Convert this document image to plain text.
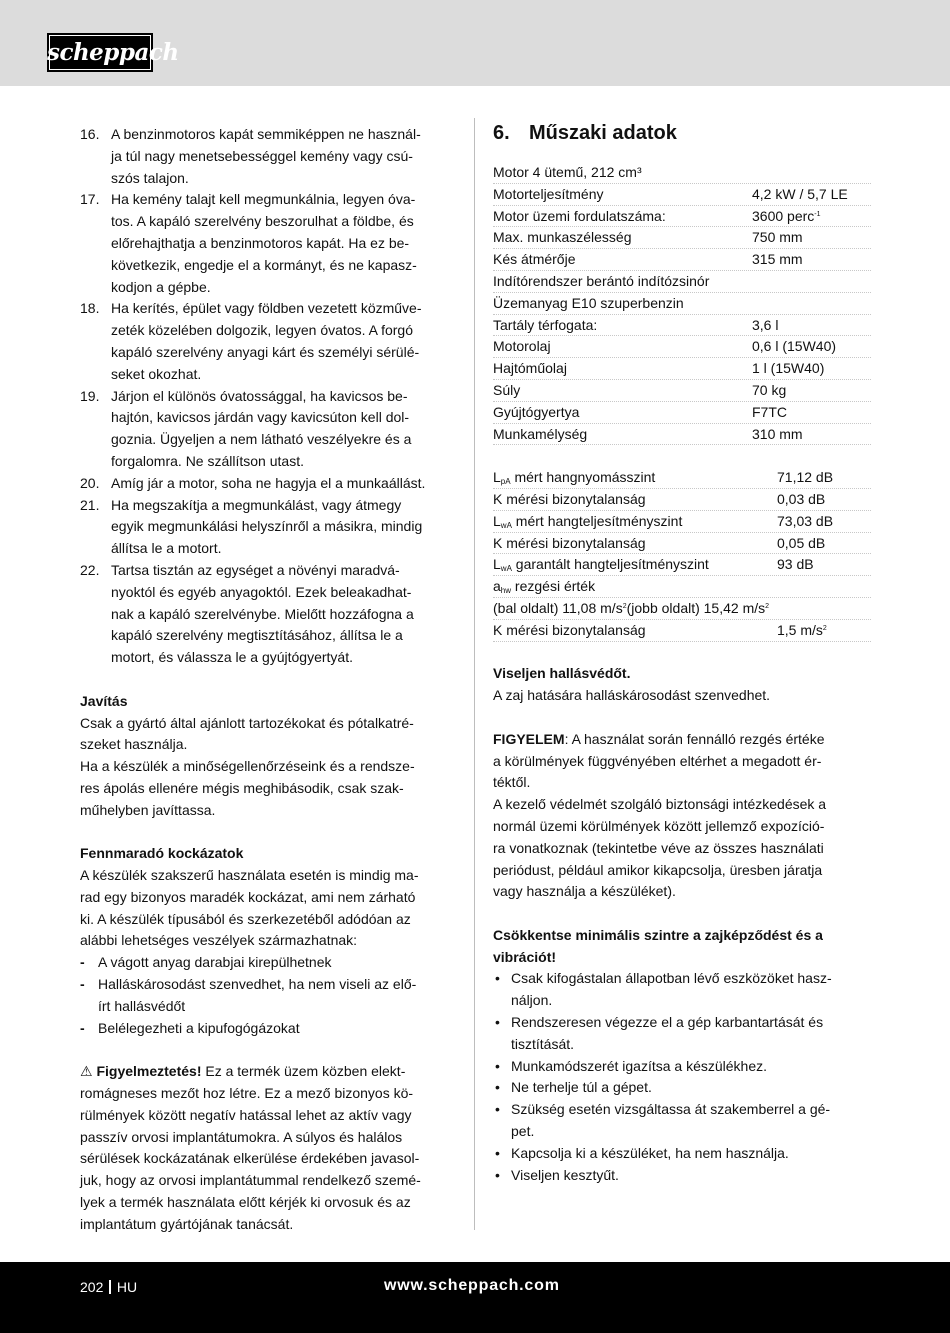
scheppach
16. A benzinmotoros kapát semmiképpen ne használ-
ja túl nagy menetsebességgel kemény vagy csú-
szós talajon.
17. Ha kemény talajt kell megmunkálnia, legyen óva-
tos. A kapáló szerelvény beszorulhat a földbe, és
előrehajthatja a benzinmotoros kapát. Ha ez be-
következik, engedje el a kormányt, és ne kapasz-
kodjon a gépbe.
18. Ha kerítés, épület vagy földben vezetett közműve-
zeték közelében dolgozik, legyen óvatos. A forgó
kapáló szerelvény anyagi kárt és személyi sérülé-
seket okozhat.
19. Járjon el különös óvatossággal, ha kavicsos be-
hajtón, kavicsos járdán vagy kavicsúton kell dol-
goznia. Ügyeljen a nem látható veszélyekre és a
forgalomra. Ne szállítson utast.
20. Amíg jár a motor, soha ne hagyja el a munkaállást.
21. Ha megszakítja a megmunkálást, vagy átmegy
egyik megmunkálási helyszínről a másikra, mindig
állítsa le a motort.
22. Tartsa tisztán az egységet a növényi maradvá-
nyoktól és egyéb anyagoktól. Ezek beleakadhat-
nak a kapáló szerelvénybe. Mielőtt hozzáfogna a
kapáló szerelvény megtisztításához, állítsa le a
motort, és válassza le a gyújtógyertyát.
Javítás
Csak a gyártó által ajánlott tartozékokat és pótalkatré-
szeket használja.
Ha a készülék a minőségellenőrzéseink és a rendsze-
res ápolás ellenére mégis meghibásodik, csak szak-
műhelyben javíttassa.
Fennmaradó kockázatok
A készülék szakszerű használata esetén is mindig ma-
rad egy bizonyos maradék kockázat, ami nem zárható
ki. A készülék típusából és szerkezetéből adódóan az
alábbi lehetséges veszélyek származhatnak:
- A vágott anyag darabjai kirepülhetnek
- Halláskárosodást szenvedhet, ha nem viseli az elő-
írt hallásvédőt
- Belélegezheti a kipufogógázokat
⚠ Figyelmeztetés! Ez a termék üzem közben elekt-
romágneses mezőt hoz létre. Ez a mező bizonyos kö-
rülmények között negatív hatással lehet az aktív vagy
passzív orvosi implantátumokra. A súlyos és halálos
sérülések kockázatának elkerülése érdekében javasol-
juk, hogy az orvosi implantátummal rendelkező szemé-
lyek a termék használata előtt kérjék ki orvosuk és az
implantátum gyártójának tanácsát.
6. Műszaki adatok
Motor 4 ütemű, 212 cm³
Motorteljesítmény	4,2 kW / 5,7 LE
Motor üzemi fordulatszáma:	3600 perc$^{-1}$
Max. munkaszélesség	750 mm
Kés átmérője	315 mm
Indítórendszer berántó indítózsinór
Üzemanyag E10 szuperbenzin
Tartály térfogata:	3,6 l
Motorolaj	0,6 l (15W40)
Hajtóműolaj	1 l (15W40)
Súly	70 kg
Gyújtógyertya	F7TC
Munkamélység	310 mm
$L_{pA}$ mért hangnyomásszint	71,12 dB
K mérési bizonytalanság	0,03 dB
$L_{wA}$ mért hangteljesítményszint	73,03 dB
K mérési bizonytalanság	0,05 dB
$L_{wA}$ garantált hangteljesítményszint	93 dB
$a_{hw}$ rezgési érték
(bal oldalt) 11,08 $m/s^2(jobb$ oldalt) 15,42 $m/s^2$
K mérési bizonytalanság	1,5 $m/s^2$
Viseljen hallásvédőt.
A zaj hatására halláskárosodást szenvedhet.
FIGYELEM: A használat során fennálló rezgés értéke
a körülmények függvényében eltérhet a megadott ér-
téktől.
A kezelő védelmét szolgáló biztonsági intézkedések a
normál üzemi körülmények között jellemző expozíció-
ra vonatkoznak (tekintetbe véve az összes használati
periódust, például amikor kikapcsolja, üresben járatja
vagy használja a készüléket).
Csökkentse minimális szintre a zajképződést és a
vibrációt!
• Csak kifogástalan állapotban lévő eszközöket hasz-
náljon.
• Rendszeresen végezze el a gép karbantartását és
tisztítását.
• Munkamódszerét igazítsa a készülékhez.
• Ne terhelje túl a gépet.
• Szükség esetén vizsgáltassa át szakemberrel a gé-
pet.
• Kapcsolja ki a készüléket, ha nem használja.
• Viseljen kesztyűt.
202 HU	www.scheppach.com
